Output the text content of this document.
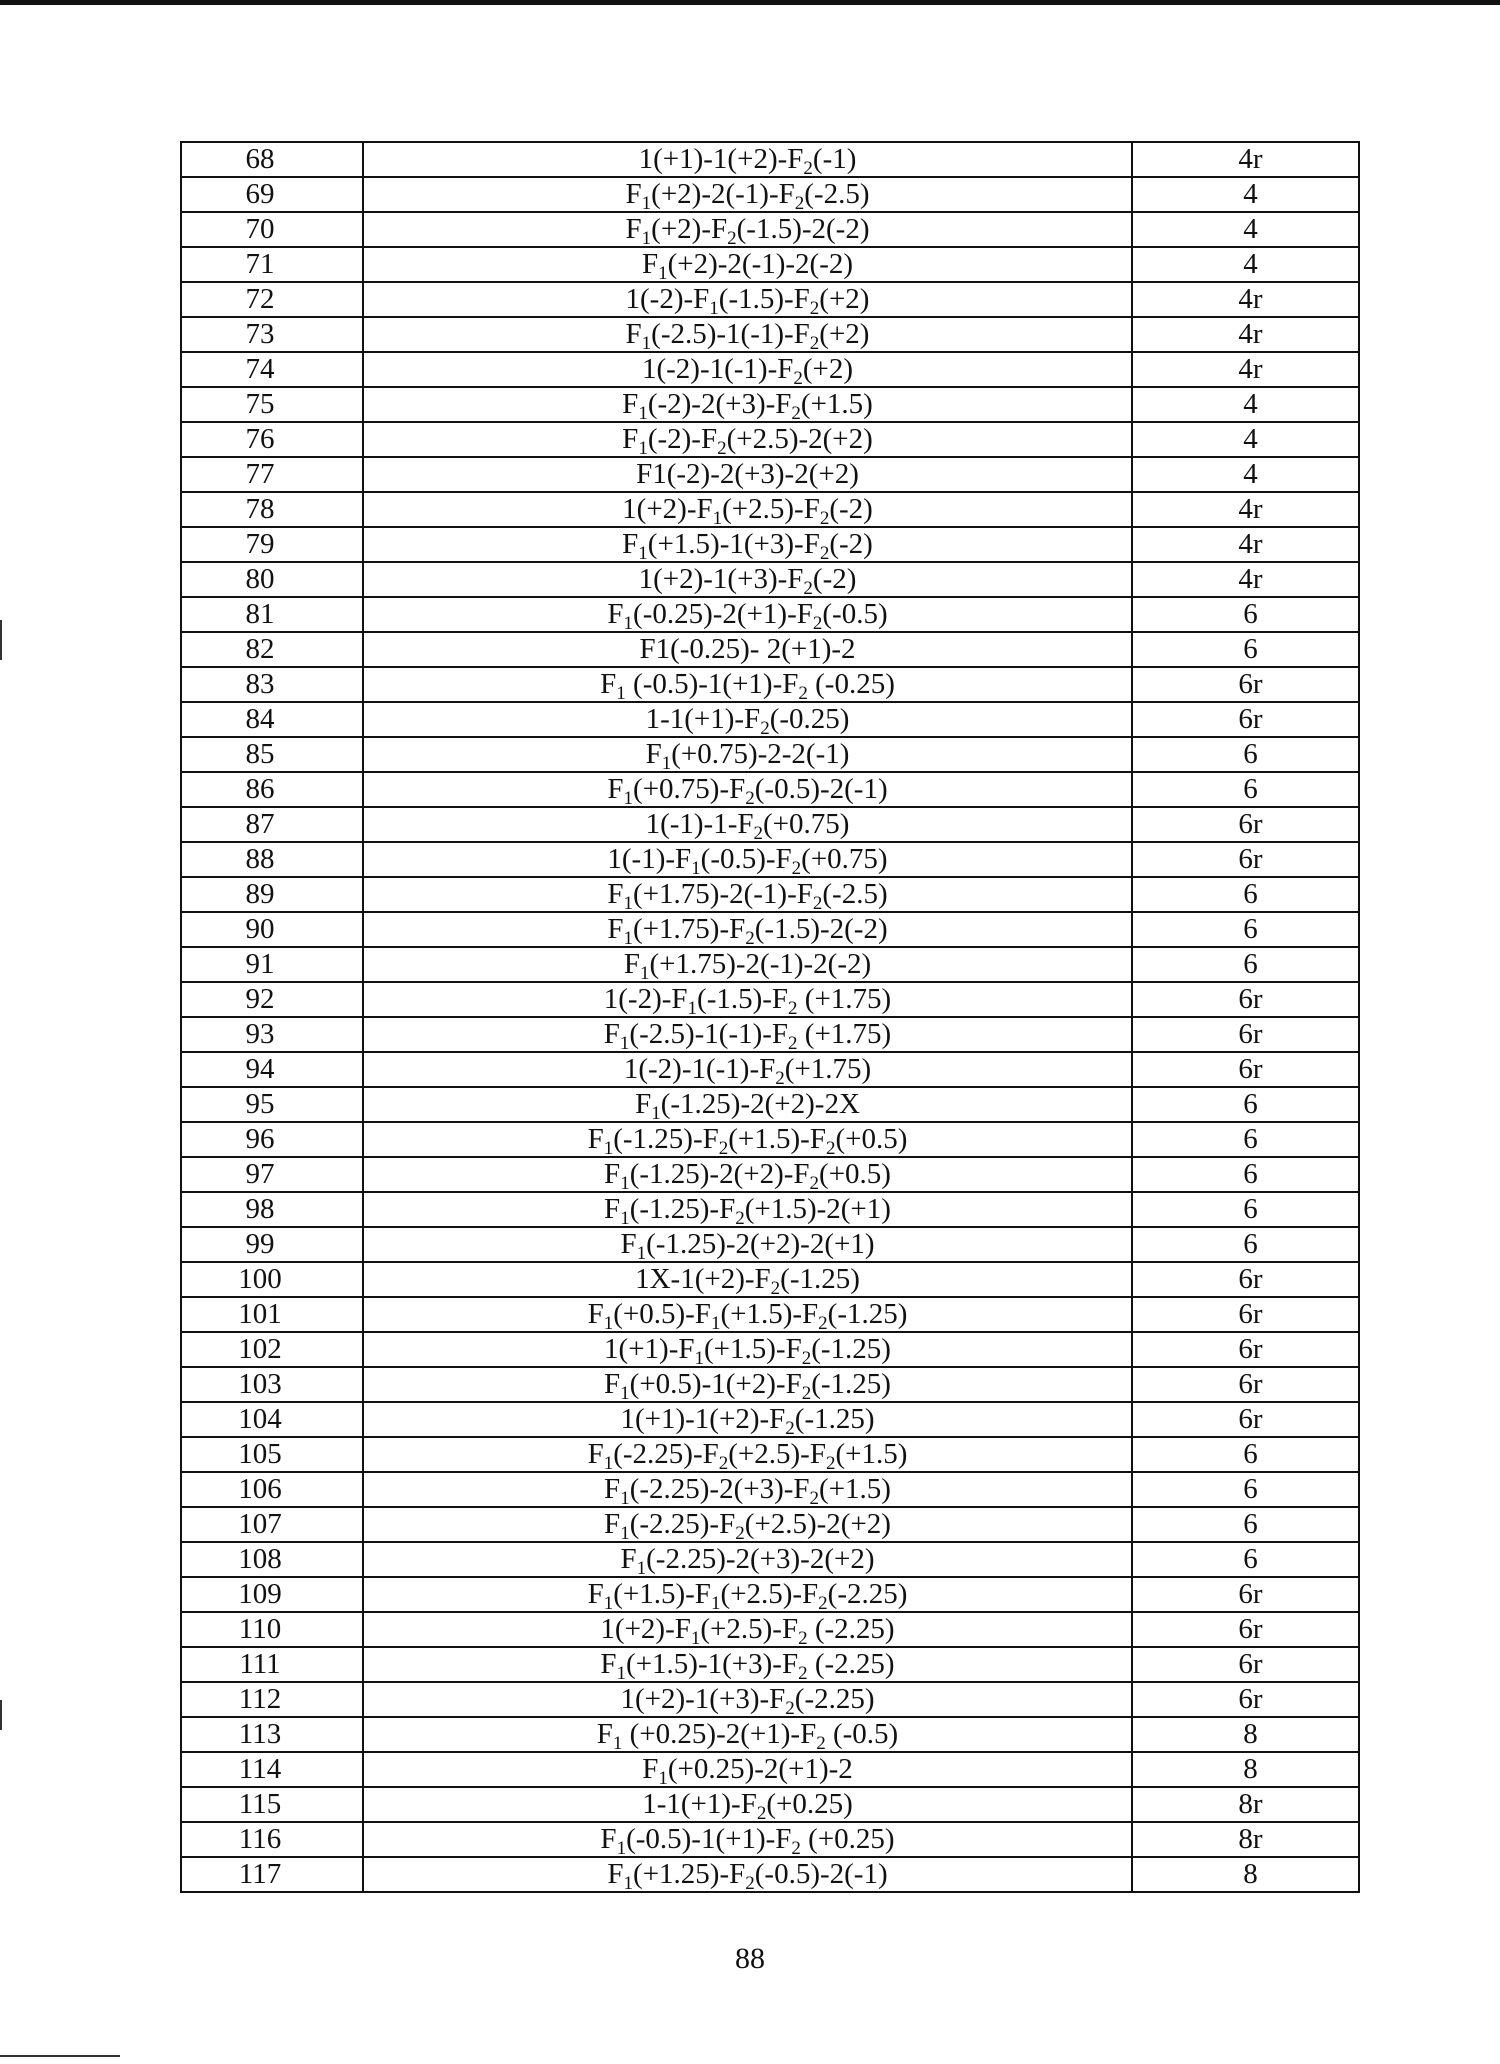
68	$1(+1)-1(+2)-F_2(-1)$	4r
69	$F_1(+2)-2(-1)-F_2(-2.5)$	4
70	$F_1(+2)-F_2(-1.5)-2(-2)$	4
71	$F_1(+2)-2(-1)-2(-2)$	4
72	$1(-2)-F_1(-1.5)-F_2(+2)$	4r
73	$F_1(-2.5)-1(-1)-F_2(+2)$	4r
74	$1(-2)-1(-1)-F_2(+2)$	4r
75	$F_1(-2)-2(+3)-F_2(+1.5)$	4
76	$F_1(-2)-F_2(+2.5)-2(+2)$	4
77	F1(-2)-2(+3)-2(+2)	4
78	$1(+2)-F_1(+2.5)-F_2(-2)$	4r
79	$F_1(+1.5)-1(+3)-F_2(-2)$	4r
80	$1(+2)-1(+3)-F_2(-2)$	4r
81	$F_1(-0.25)-2(+1)-F_2(-0.5)$	6
82	F1(-0.25)- 2(+1)-2	6
83	$F_1$ $(-0.5)-1(+1)-F_2$ (-0.25)	6r
84	$1-1(+1)-F_2(-0.25)$	6r
85	$F_1(+0.75)-2-2(-1)$	6
86	$F_1(+0.75)-F_2(-0.5)-2(-1)$	6
87	$1(-1)-1-F_2(+0.75)$	6r
88	$1(-1)-F_1(-0.5)-F_2(+0.75)$	6r
89	$F_1(+1.75)-2(-1)-F_2(-2.5)$	6
90	$F_1(+1.75)-F_2(-1.5)-2(-2)$	6
91	$F_1(+1.75)-2(-1)-2(-2)$	6
92	$1(-2)-F_1(-1.5)-F_2$ (+1.75)	6r
93	$F_1(-2.5)-1(-1)-F_2$ (+1.75)	6r
94	$1(-2)-1(-1)-F_2(+1.75)$	6r
95	$F_1(-1.25)-2(+2)-2X$	6
96	$F_1(-1.25)-F_2(+1.5)-F_2(+0.5)$	6
97	$F_1(-1.25)-2(+2)-F_2(+0.5)$	6
98	$F_1(-1.25)-F_2(+1.5)-2(+1)$	6
99	$F_1(-1.25)-2(+2)-2(+1)$	6
100	$1X-1(+2)-F_2(-1.25)$	6r
101	$F_1(+0.5)-F_1(+1.5)-F_2(-1.25)$	6r
102	$1(+1)-F_1(+1.5)-F_2(-1.25)$	6r
103	$F_1(+0.5)-1(+2)-F_2(-1.25)$	6r
104	$1(+1)-1(+2)-F_2(-1.25)$	6r
105	$F_1(-2.25)-F_2(+2.5)-F_2(+1.5)$	6
106	$F_1(-2.25)-2(+3)-F_2(+1.5)$	6
107	$F_1(-2.25)-F_2(+2.5)-2(+2)$	6
108	$F_1(-2.25)-2(+3)-2(+2)$	6
109	$F_1(+1.5)-F_1(+2.5)-F_2(-2.25)$	6r
110	$1(+2)-F_1(+2.5)-F_2$ (-2.25)	6r
111	$F_1(+1.5)-1(+3)-F_2$ (-2.25)	6r
112	$1(+2)-1(+3)-F_2(-2.25)$	6r
113	$F_1$ $(+0.25)-2(+1)-F_2$ (-0.5)	8
114	$F_1(+0.25)-2(+1)-2$	8
115	$1-1(+1)-F_2(+0.25)$	8r
116	$F_1(-0.5)-1(+1)-F_2$ (+0.25)	8r
117	$F_1(+1.25)-F_2(-0.5)-2(-1)$	8
88
